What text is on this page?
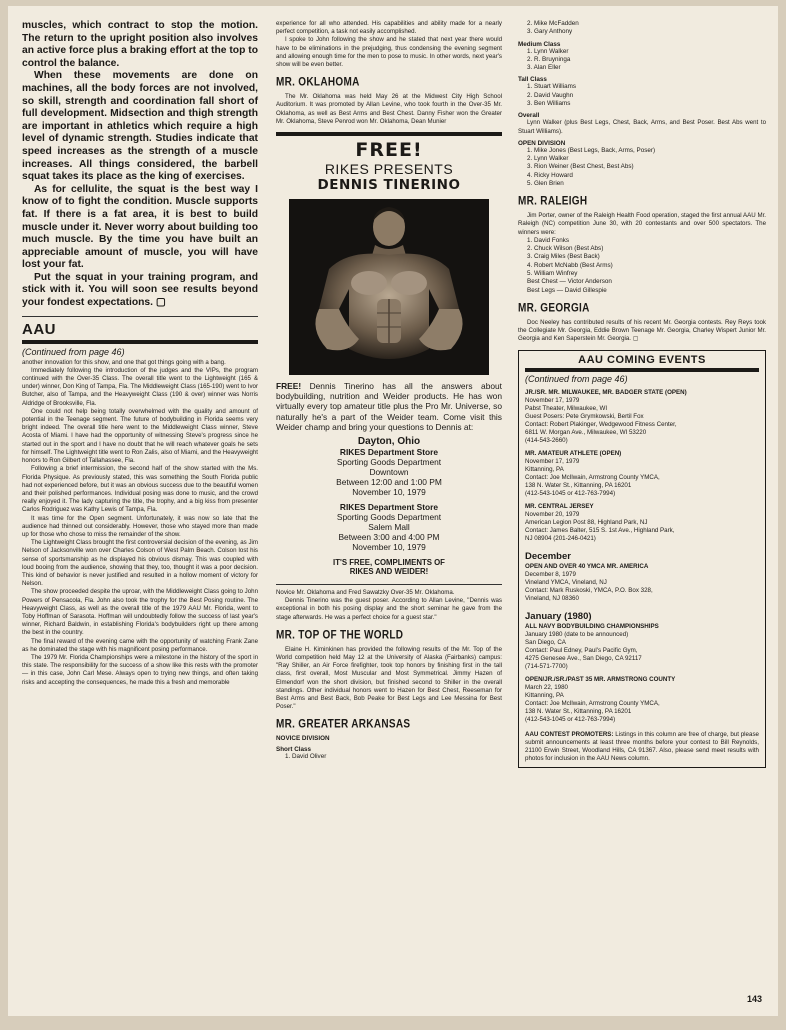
muscles, which contract to stop the motion. The return to the upright position also involves an active force plus a braking effort at the top to control the balance.

When these movements are done on machines, all the body forces are not involved, so skill, strength and coordination fall short of full development. Midsection and thigh strength are important in athletics which require a high level of dynamic strength. Studies indicate that speed increases as the strength of a muscle increases. All things considered, the barbell squat takes its place as the king of exercises.

As for cellulite, the squat is the best way I know of to fight the condition. Muscle supports fat. If there is a fat area, it is best to build muscle under it. Never worry about building too much muscle. By the time you have built an appreciable amount of muscle, you will have lost your fat.

Put the squat in your training program, and stick with it. You will soon see results beyond your fondest expectations. ▢

AAU
(Continued from page 46)

another innovation for this show, and one that got things going with a bang.

Immediately following the introduction of the judges and the VIPs, the program continued with the Over-35 Class. The overall title went to the Lightweight (165 & under) winner, Don King of Tampa, Fla. The Middleweight Class (165-190) went to Ivor Butcher, also of Tampa, and the Heavyweight Class (190 & over) winner was Norris Aldridge of Brooksville, Fla.

One could not help being totally overwhelmed with the quality and amount of potential in the Teenage segment. The future of bodybuilding in Florida seems very bright indeed. The overall title here went to the Middleweight Class winner, Steve Acosta of Miami. I have had the opportunity of witnessing Steve's progress since he started out in the sport and I have no doubt that he will reach whatever goals he sets for himself. The Lightweight title went to Ron Zalis, also of Miami, and the Heavyweight honors to Ron Gilbert of Tallahassee, Fla.

Following a brief intermission, the second half of the show started with the Ms. Florida Physique. As previously stated, this was something the South Florida public had not experienced before, but it was an obvious success due to the beautiful women and their polished performances. Individual posing was done to music, and the crowd really enjoyed it. The lady capturing the title, the trophy, and a big kiss from presenter Carlos Rodriguez was Kathy Lewis of Tampa, Fla.

It was time for the Open segment. Unfortunately, it was now so late that the audience had thinned out considerably. However, those who stayed more than made up for those who chose to miss the remainder of the show.

The Lightweight Class brought the first controversial decision of the evening, as Jim Nelson of Jacksonville won over Charles Colson of West Palm Beach. Colson lost his sense of sportsmanship as he displayed his obvious dismay. This was coupled with loud booing from the audience, showing that they, too, thought it was a poor decision. This kind of behavior is never justified and resulted in a hollow moment of victory for Nelson.

The show proceeded despite the uproar, with the Middleweight Class going to John Powers of Pensacola, Fla. John also took the trophy for the Best Posing routine. The Heavyweight Class, as well as the overall title of the 1979 AAU Mr. Florida, went to Toby Hoffman of Sarasota. Hoffman will undoubtedly follow the success of last year's winner, Richard Baldwin, in establishing Florida's bodybuilders right up there among the best in the country.

The final reward of the evening came with the opportunity of watching Frank Zane as he dominated the stage with his magnificent posing performance.

The 1979 Mr. Florida Championships were a milestone in the history of the sport in this state. The responsibility for the success of a show like this rests with the promoter — in this case, John Carl Mese. Always open to trying new things, and often taking risks and accepting the consequences, he made this a fresh and memorable

experience for all who attended. His capabilities and ability made for a nearly perfect competition, a task not easily accomplished.

I spoke to John following the show and he stated that next year there would have to be eliminations in the prejudging, thus condensing the evening segment and allowing enough time for the men to pose to music. In other words, next year's show will be even better.

MR. OKLAHOMA

The Mr. Oklahoma was held May 26 at the Midwest City High School Auditorium. It was promoted by Allan Levine, who took fourth in the Over-35 Mr. Oklahoma, as well as Best Arms and Best Chest. Danny Fisher won the Greater Mr. Oklahoma, Steve Penrod won Mr. Oklahoma, Dean Munier

FREE!
RIKES PRESENTS
DENNIS TINERINO
FREE! Dennis Tinerino has all the answers about bodybuilding, nutrition and Weider products. He has won virtually every top amateur title plus the Pro Mr. Universe, so naturally he's a part of the Weider team. Come visit this Weider champ and bring your questions to Dennis at:
Dayton, Ohio
RIKES Department Store
Sporting Goods Department
Downtown
Between 12:00 and 1:00 PM
November 10, 1979
RIKES Department Store
Sporting Goods Department
Salem Mall
Between 3:00 and 4:00 PM
November 10, 1979
IT'S FREE, COMPLIMENTS OF
RIKES AND WEIDER!

Novice Mr. Oklahoma and Fred Sawatzky Over-35 Mr. Oklahoma.

Dennis Tinerino was the guest poser. According to Allan Levine, "Dennis was exceptional in both his posing display and the short seminar he gave from the stage afterwards. He was a perfect choice for a guest star."

MR. TOP OF THE WORLD

Elaine H. Kiminkinen has provided the following results of the Mr. Top of the World competition held May 12 at the University of Alaska (Fairbanks) campus: "Ray Shiller, an Air Force firefighter, took top honors by finishing first in the tall class, first overall, Most Muscular and Most Symmetrical. Jimmy Hazen of Elmendorf won the short division, but finished second to Shiller in the overall standings. Other individual honors went to Hazen for Best Chest, Reeseman for Best Arms and Best Back, Bob Peake for Best Legs and Lee Messina for Best Poser."

MR. GREATER ARKANSAS
NOVICE DIVISION
Short Class
1. David Oliver
2. Mike McFadden
3. Gary Anthony
Medium Class
1. Lynn Walker
2. R. Bruyninga
3. Alan Eller
Tall Class
1. Stuart Williams
2. David Vaughn
3. Ben Williams
Overall

Lynn Walker (plus Best Legs, Chest, Back, Arms, and Best Poser. Best Abs went to Stuart Williams).

OPEN DIVISION
1. Mike Jones (Best Legs, Back, Arms, Poser)
2. Lynn Walker
3. Rion Weiner (Best Chest, Best Abs)
4. Ricky Howard
5. Glen Brien
MR. RALEIGH

Jim Porter, owner of the Raleigh Health Food operation, staged the first annual AAU Mr. Raleigh (NC) competition June 30, with 20 contestants and over 500 spectators. The winners were:

1. David Fonks
2. Chuck Wilson (Best Abs)
3. Craig Miles (Best Back)
4. Robert McNabb (Best Arms)
5. William Winfrey
Best Chest — Victor Anderson
Best Legs — David Gillespie
MR. GEORGIA

Doc Neeley has contributed results of his recent Mr. Georgia contests. Rey Reys took the Collegiate Mr. Georgia, Eddie Brown Teenage Mr. Georgia, Charley Wispert Junior Mr. Georgia and Ken Saperstein Mr. Georgia. ▢

AAU COMING EVENTS
(Continued from page 46)
JR./SR. MR. MILWAUKEE, MR. BADGER STATE (OPEN)
November 17, 1979
Pabst Theater, Milwaukee, WI
Guest Posers: Pete Grymkowski, Bertil Fox
Contact: Robert Plakinger, Wedgewood Fitness Center,
6811 W. Morgan Ave., Milwaukee, WI 53220
(414-543-2660)
MR. AMATEUR ATHLETE (OPEN)
November 17, 1979
Kittanning, PA
Contact: Joe McIlwain, Armstrong County YMCA,
138 N. Water St., Kittanning, PA 16201
(412-543-1045 or 412-763-7994)
MR. CENTRAL JERSEY
November 20, 1979
American Legion Post 88, Highland Park, NJ
Contact: James Balter, 515 S. 1st Ave., Highland Park,
NJ 08904 (201-246-0421)
December
OPEN AND OVER 40 YMCA MR. AMERICA
December 8, 1979
Vineland YMCA, Vineland, NJ
Contact: Mark Ruskoski, YMCA, P.O. Box 328,
Vineland, NJ 08360
January (1980)
ALL NAVY BODYBUILDING CHAMPIONSHIPS
January 1980 (date to be announced)
San Diego, CA
Contact: Paul Edney, Paul's Pacific Gym,
4275 Genesee Ave., San Diego, CA 92117
(714-571-7700)
OPEN/JR./SR./PAST 35 MR. ARMSTRONG COUNTY
March 22, 1980
Kittanning, PA
Contact: Joe McIlwain, Armstrong County YMCA,
138 N. Water St., Kittanning, PA 16201
(412-543-1045 or 412-763-7994)
AAU CONTEST PROMOTERS: Listings in this column are free of charge, but please submit announcements at least three months before your contest to Bill Reynolds, 21100 Erwin Street, Woodland Hills, CA 91367. Also, please send meet results with photos for inclusion in the AAU News column.
143
